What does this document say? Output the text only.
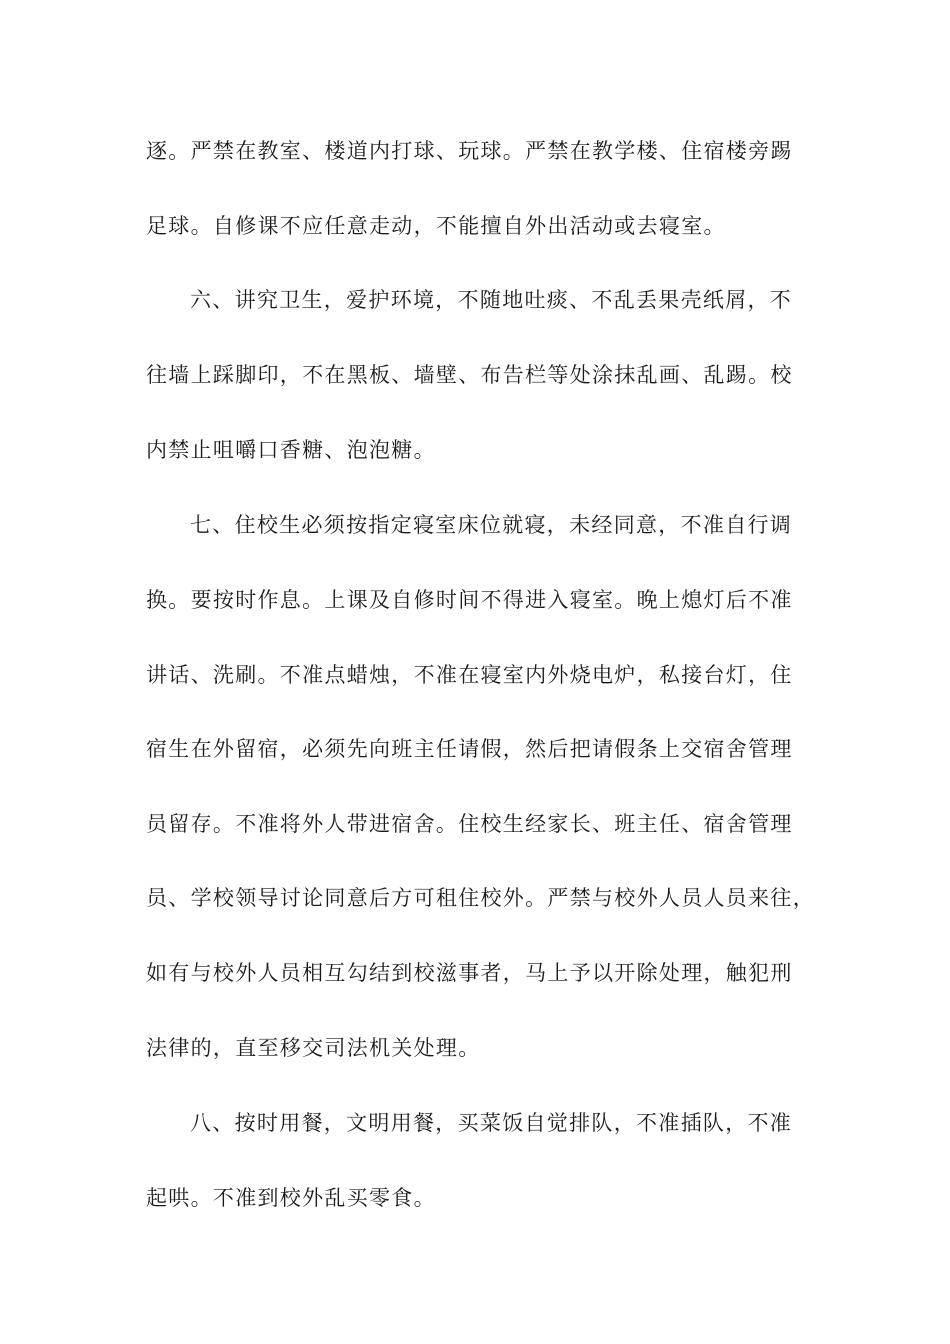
逐。严禁在教室、楼道内打球、玩球。严禁在教学楼、住宿楼旁踢
足球。自修课不应任意走动，不能擅自外出活动或去寝室。
六、讲究卫生，爱护环境，不随地吐痰、不乱丢果壳纸屑，不
往墙上踩脚印，不在黑板、墙壁、布告栏等处涂抹乱画、乱踢。校
内禁止咀嚼口香糖、泡泡糖。
七、住校生必须按指定寝室床位就寝，未经同意，不准自行调
换。要按时作息。上课及自修时间不得进入寝室。晚上熄灯后不准
讲话、洗刷。不准点蜡烛，不准在寝室内外烧电炉，私接台灯，住
宿生在外留宿，必须先向班主任请假，然后把请假条上交宿舍管理
员留存。不准将外人带进宿舍。住校生经家长、班主任、宿舍管理
员、学校领导讨论同意后方可租住校外。严禁与校外人员人员来往，
如有与校外人员相互勾结到校滋事者，马上予以开除处理，触犯刑
法律的，直至移交司法机关处理。
八、按时用餐，文明用餐，买菜饭自觉排队，不准插队，不准
起哄。不准到校外乱买零食。
